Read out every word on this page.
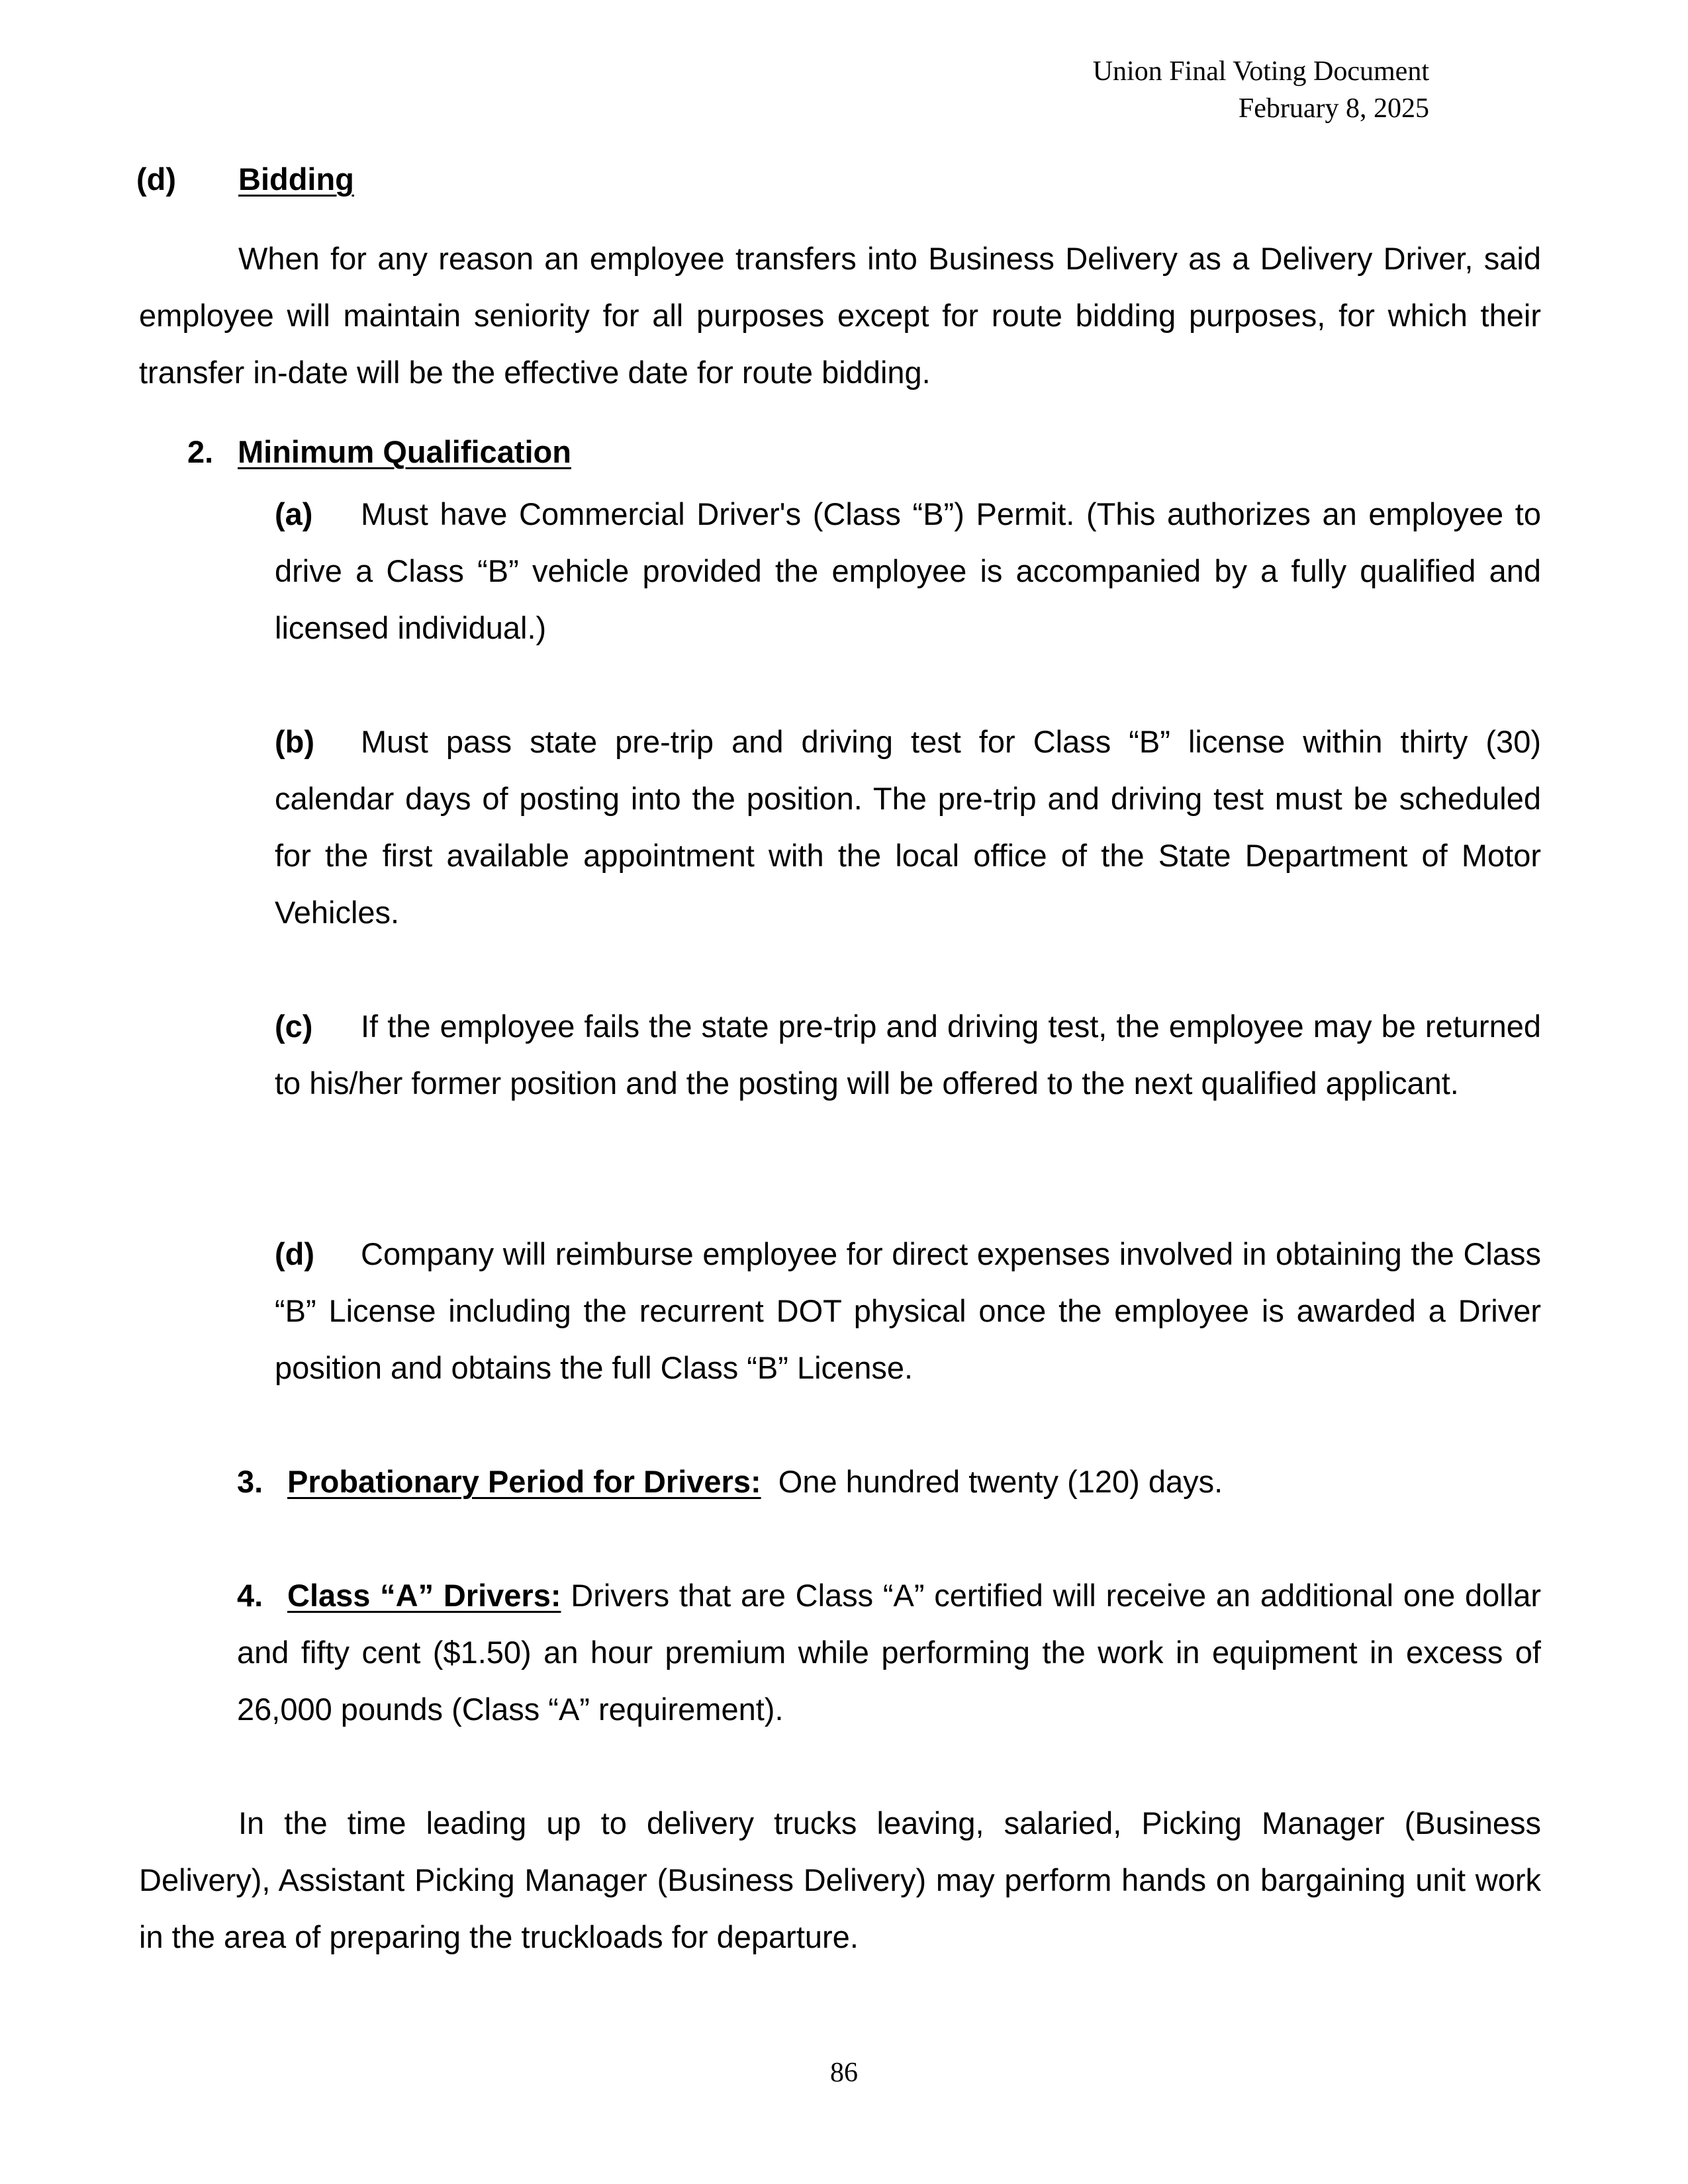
Union Final Voting Document
February 8, 2025
(d) Bidding
When for any reason an employee transfers into Business Delivery as a Delivery Driver, said employee will maintain seniority for all purposes except for route bidding purposes, for which their transfer in-date will be the effective date for route bidding.
2. Minimum Qualification
(a) Must have Commercial Driver's (Class “B”) Permit. (This authorizes an employee to drive a Class “B” vehicle provided the employee is accompanied by a fully qualified and licensed individual.)
(b) Must pass state pre-trip and driving test for Class “B” license within thirty (30) calendar days of posting into the position. The pre-trip and driving test must be scheduled for the first available appointment with the local office of the State Department of Motor Vehicles.
(c) If the employee fails the state pre-trip and driving test, the employee may be returned to his/her former position and the posting will be offered to the next qualified applicant.
(d) Company will reimburse employee for direct expenses involved in obtaining the Class “B” License including the recurrent DOT physical once the employee is awarded a Driver position and obtains the full Class “B” License.
3. Probationary Period for Drivers: One hundred twenty (120) days.
4. Class “A” Drivers: Drivers that are Class “A” certified will receive an additional one dollar and fifty cent ($1.50) an hour premium while performing the work in equipment in excess of 26,000 pounds (Class “A” requirement).
In the time leading up to delivery trucks leaving, salaried, Picking Manager (Business Delivery), Assistant Picking Manager (Business Delivery) may perform hands on bargaining unit work in the area of preparing the truckloads for departure.
86
